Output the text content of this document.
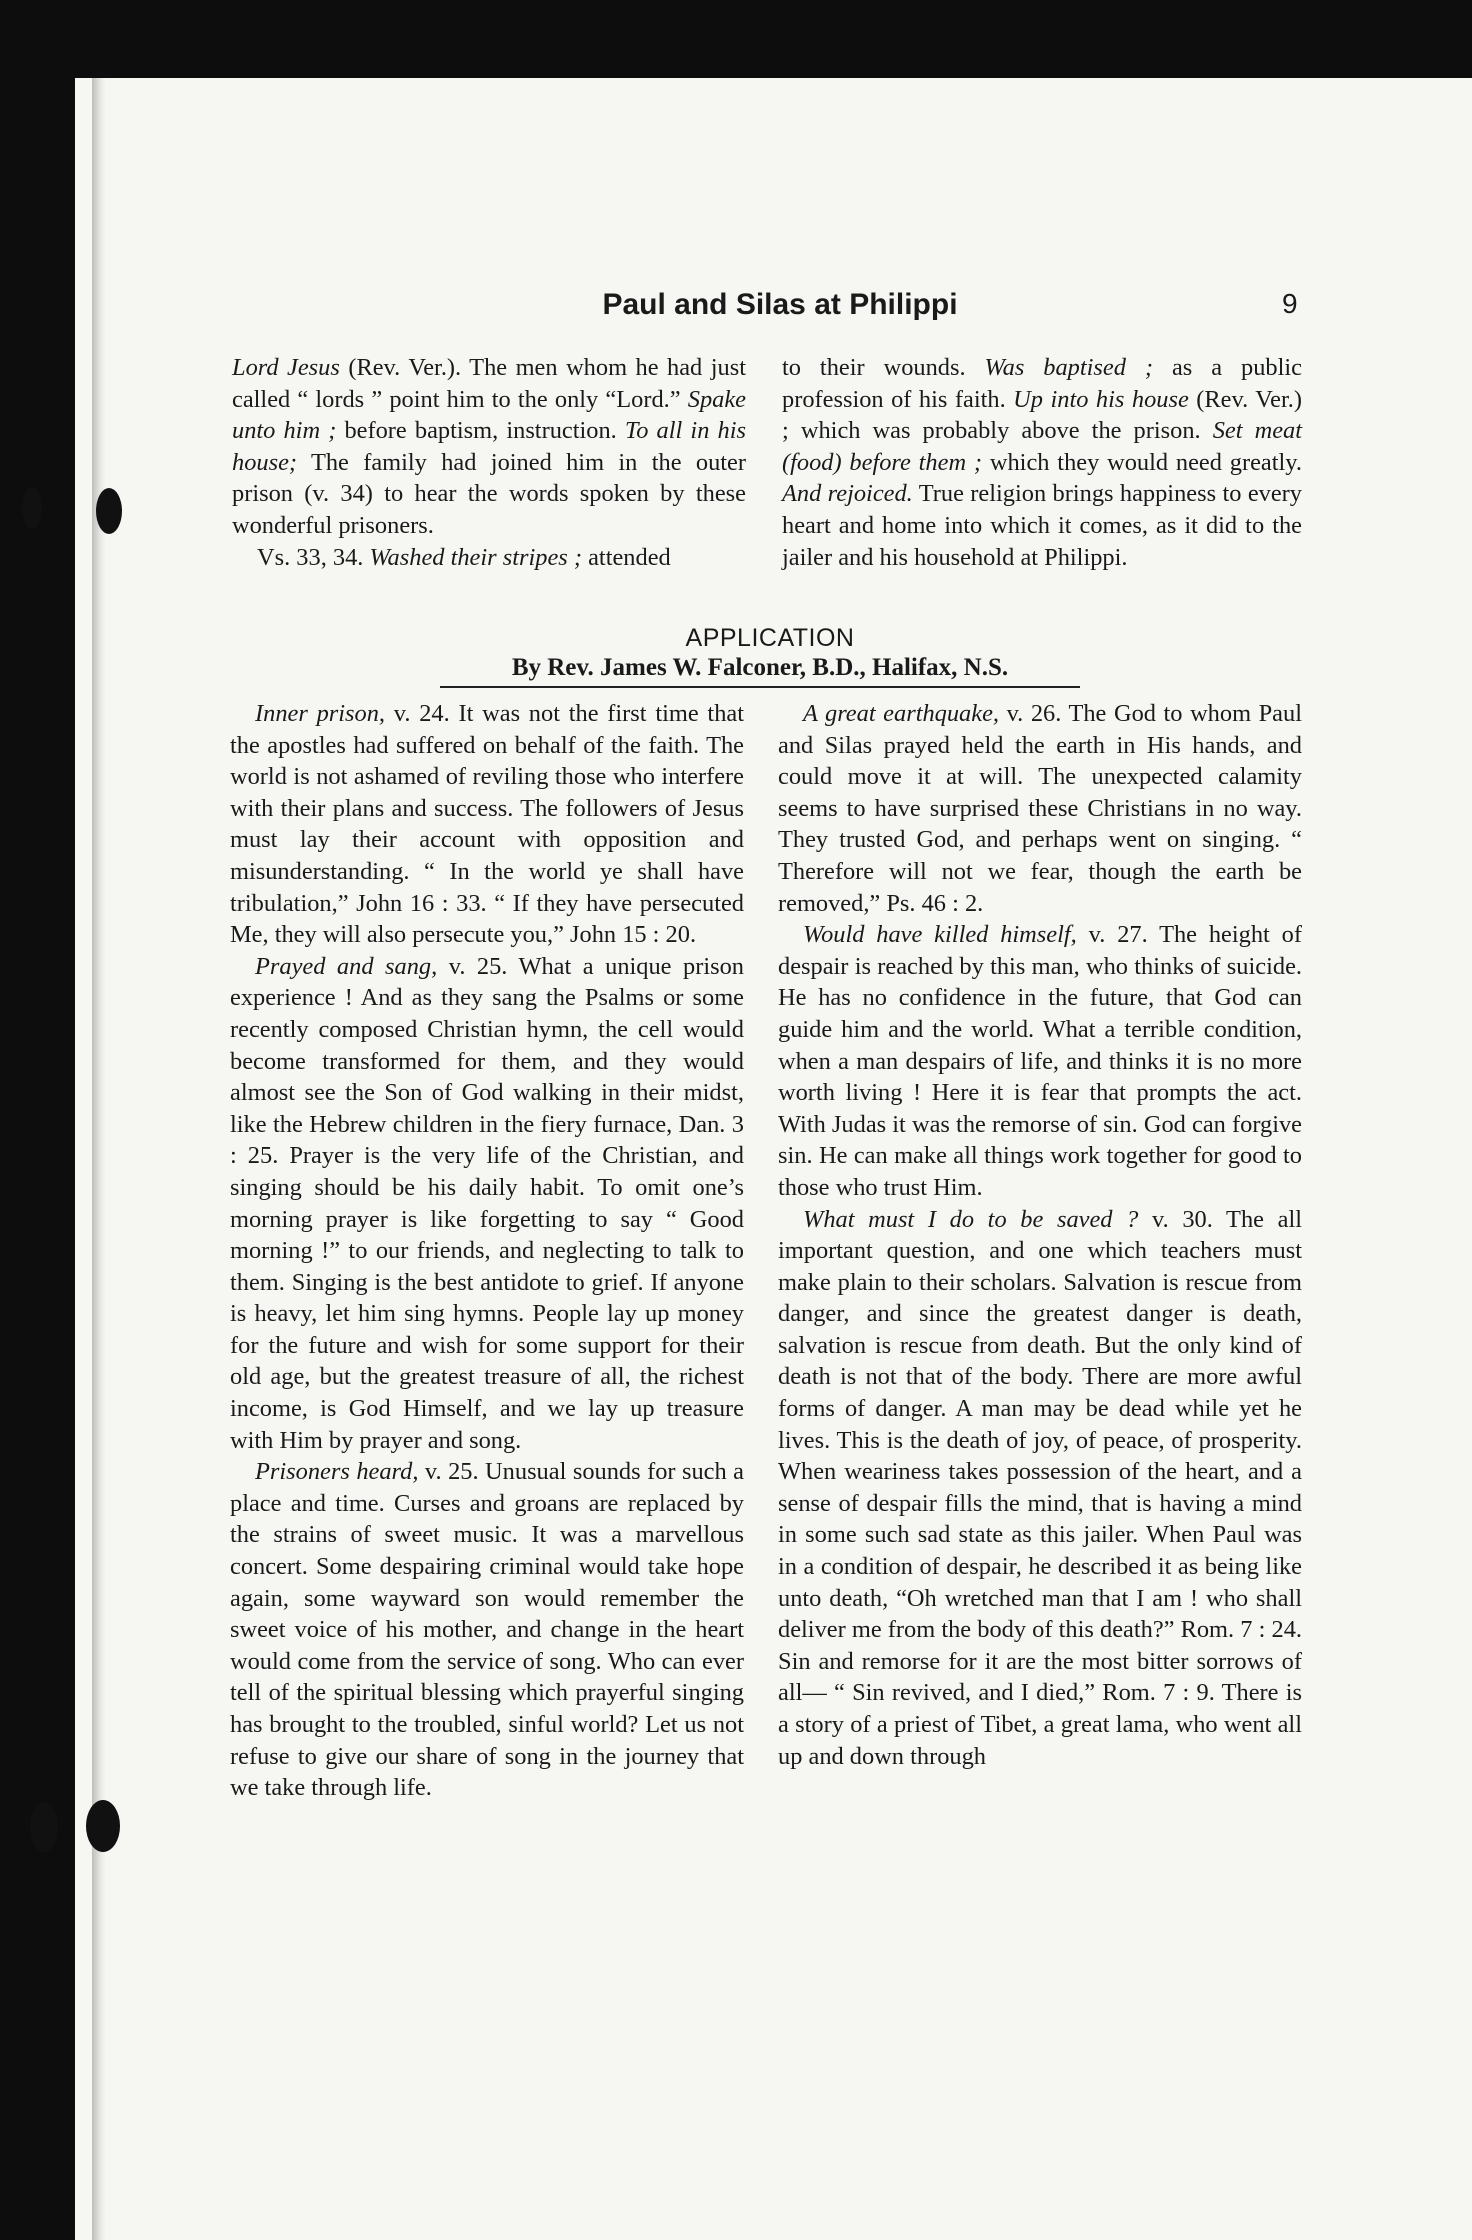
Paul and Silas at Philippi	9

Lord Jesus (Rev. Ver.). The men whom he had just called “ lords ” point him to the only “Lord.” Spake unto him ; before baptism, instruction. To all in his house; The family had joined him in the outer prison (v. 34) to hear the words spoken by these wonderful prisoners.

Vs. 33, 34. Washed their stripes ; attended

to their wounds. Was baptised ; as a public profession of his faith. Up into his house (Rev. Ver.) ; which was probably above the prison. Set meat (food) before them ; which they would need greatly. And rejoiced. True religion brings happiness to every heart and home into which it comes, as it did to the jailer and his household at Philippi.

APPLICATION
By Rev. James W. Falconer, B.D., Halifax, N.S.

Inner prison, v. 24. It was not the first time that the apostles had suffered on behalf of the faith. The world is not ashamed of reviling those who interfere with their plans and success. The followers of Jesus must lay their account with opposition and misunderstanding. “ In the world ye shall have tribulation,” John 16 : 33. “ If they have persecuted Me, they will also persecute you,” John 15 : 20.

Prayed and sang, v. 25. What a unique prison experience ! And as they sang the Psalms or some recently composed Christian hymn, the cell would become transformed for them, and they would almost see the Son of God walking in their midst, like the Hebrew children in the fiery furnace, Dan. 3 : 25. Prayer is the very life of the Christian, and singing should be his daily habit. To omit one’s morning prayer is like forgetting to say “ Good morning !” to our friends, and neglecting to talk to them. Singing is the best antidote to grief. If anyone is heavy, let him sing hymns. People lay up money for the future and wish for some support for their old age, but the greatest treasure of all, the richest income, is God Himself, and we lay up treasure with Him by prayer and song.

Prisoners heard, v. 25. Unusual sounds for such a place and time. Curses and groans are replaced by the strains of sweet music. It was a marvellous concert. Some despairing criminal would take hope again, some wayward son would remember the sweet voice of his mother, and change in the heart would come from the service of song. Who can ever tell of the spiritual blessing which prayerful singing has brought to the troubled, sinful world? Let us not refuse to give our share of song in the journey that we take through life.

A great earthquake, v. 26. The God to whom Paul and Silas prayed held the earth in His hands, and could move it at will. The unexpected calamity seems to have surprised these Christians in no way. They trusted God, and perhaps went on singing. “ Therefore will not we fear, though the earth be removed,” Ps. 46 : 2.

Would have killed himself, v. 27. The height of despair is reached by this man, who thinks of suicide. He has no confidence in the future, that God can guide him and the world. What a terrible condition, when a man despairs of life, and thinks it is no more worth living ! Here it is fear that prompts the act. With Judas it was the remorse of sin. God can forgive sin. He can make all things work together for good to those who trust Him.

What must I do to be saved ? v. 30. The all important question, and one which teachers must make plain to their scholars. Salvation is rescue from danger, and since the greatest danger is death, salvation is rescue from death. But the only kind of death is not that of the body. There are more awful forms of danger. A man may be dead while yet he lives. This is the death of joy, of peace, of prosperity. When weariness takes possession of the heart, and a sense of despair fills the mind, that is having a mind in some such sad state as this jailer. When Paul was in a condition of despair, he described it as being like unto death, “Oh wretched man that I am ! who shall deliver me from the body of this death?” Rom. 7 : 24. Sin and remorse for it are the most bitter sorrows of all— “ Sin revived, and I died,” Rom. 7 : 9. There is a story of a priest of Tibet, a great lama, who went all up and down through
